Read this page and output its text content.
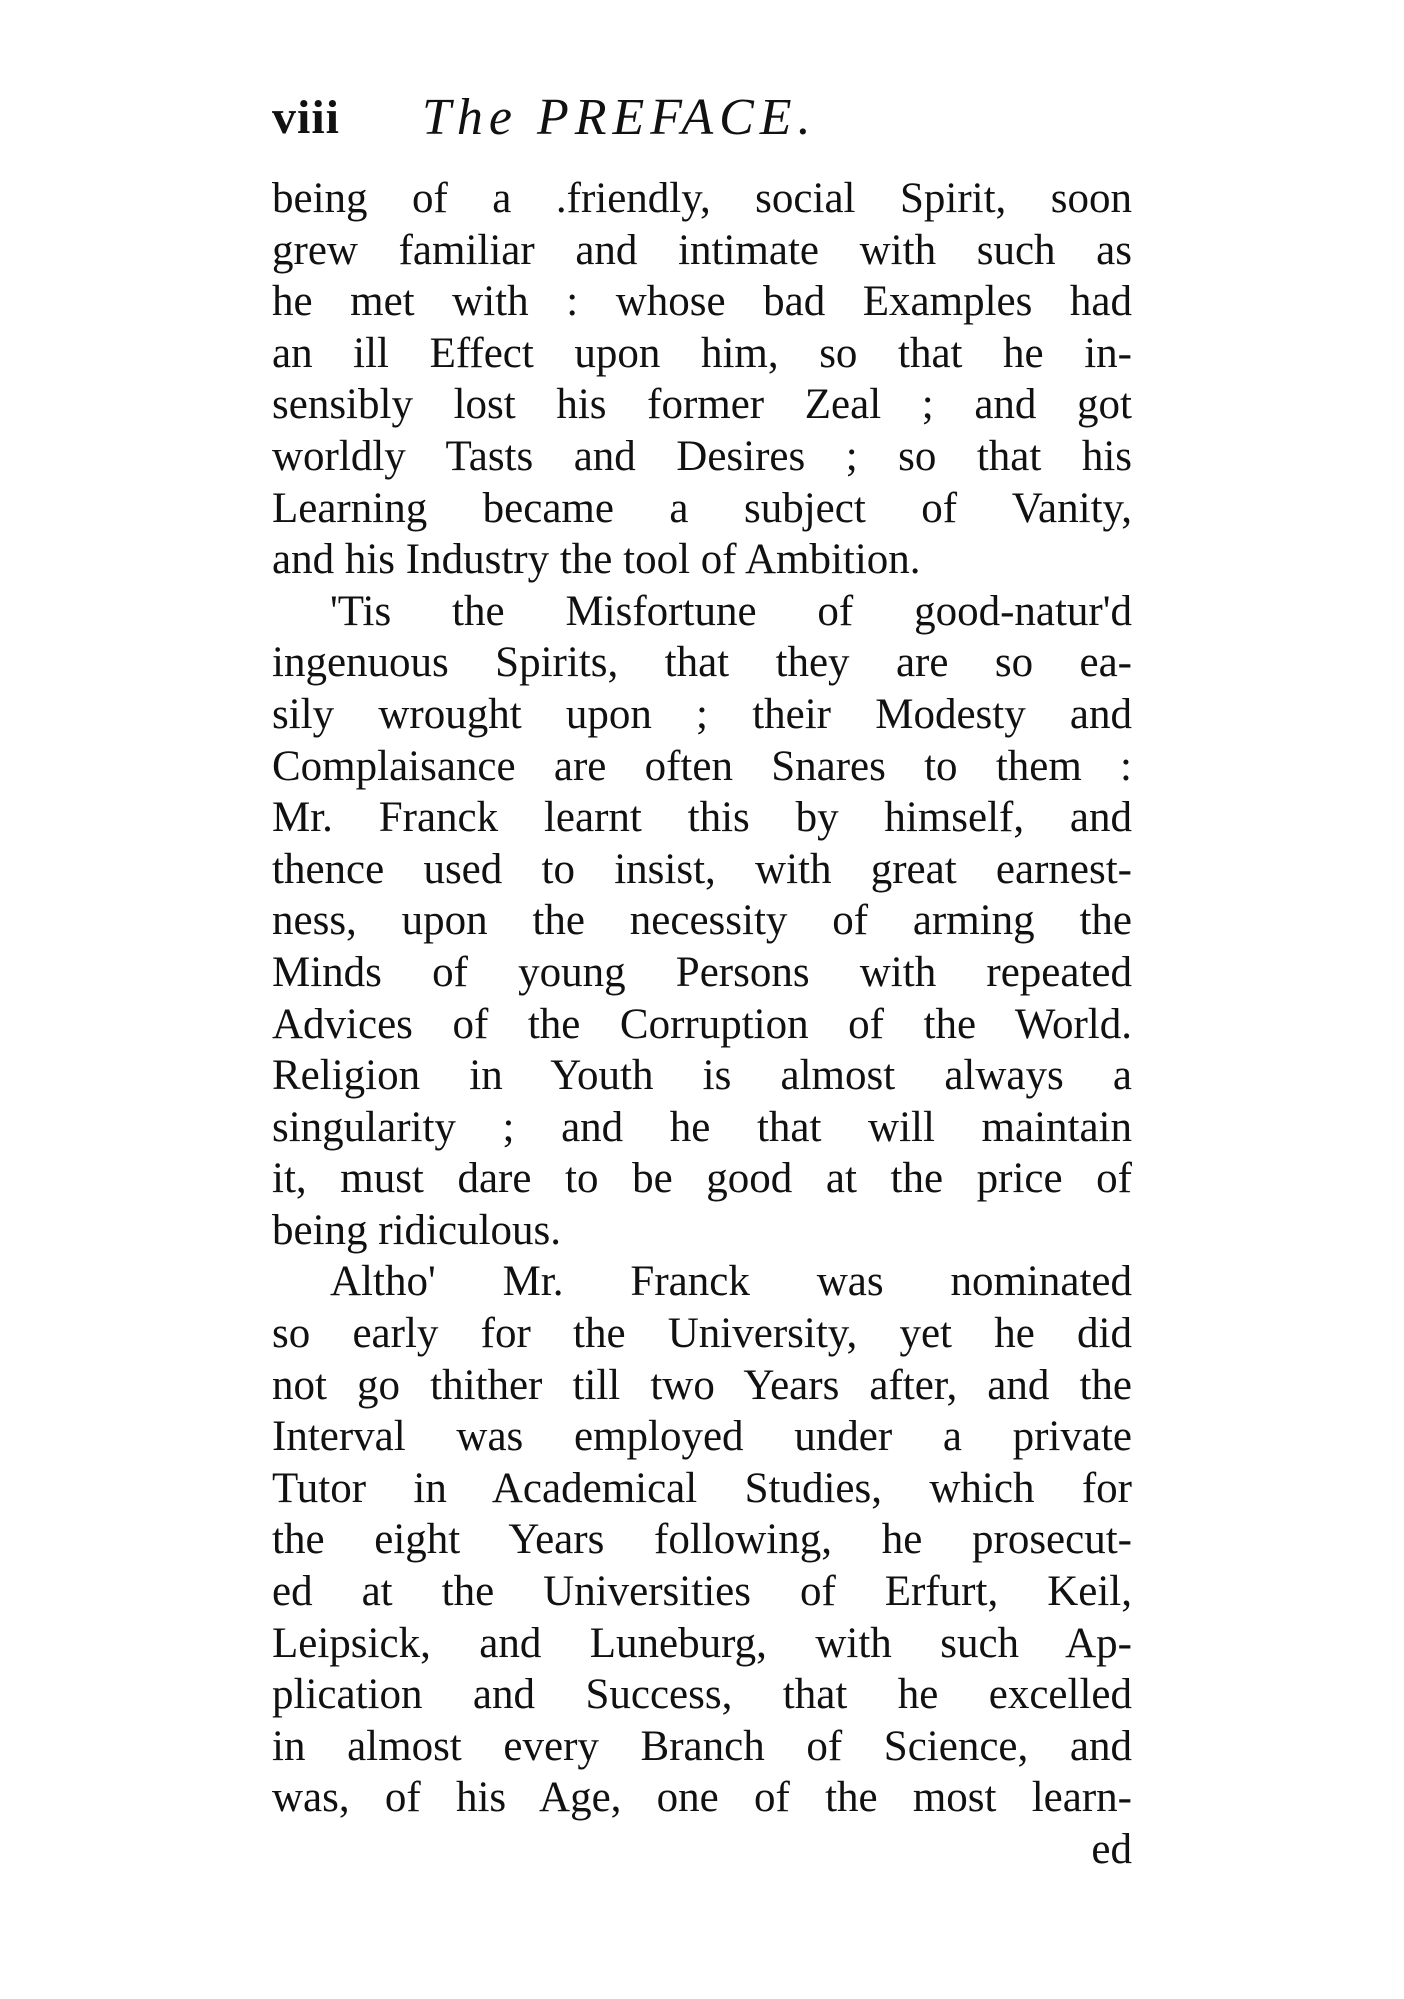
viii The PREFACE.
being of a .friendly, social Spirit, soon
grew familiar and intimate with such as
he met with : whose bad Examples had
an ill Effect upon him, so that he in-
sensibly lost his former Zeal ; and got
worldly Tasts and Desires ; so that his
Learning became a subject of Vanity,
and his Industry the tool of Ambition.
'Tis the Misfortune of good-natur'd
ingenuous Spirits, that they are so ea-
sily wrought upon ; their Modesty and
Complaisance are often Snares to them :
Mr. Franck learnt this by himself, and
thence used to insist, with great earnest-
ness, upon the necessity of arming the
Minds of young Persons with repeated
Advices of the Corruption of the World.
Religion in Youth is almost always a
singularity ; and he that will maintain
it, must dare to be good at the price of
being ridiculous.
Altho' Mr. Franck was nominated
so early for the University, yet he did
not go thither till two Years after, and the
Interval was employed under a private
Tutor in Academical Studies, which for
the eight Years following, he prosecut-
ed at the Universities of Erfurt, Keil,
Leipsick, and Luneburg, with such Ap-
plication and Success, that he excelled
in almost every Branch of Science, and
was, of his Age, one of the most learn-
ed
